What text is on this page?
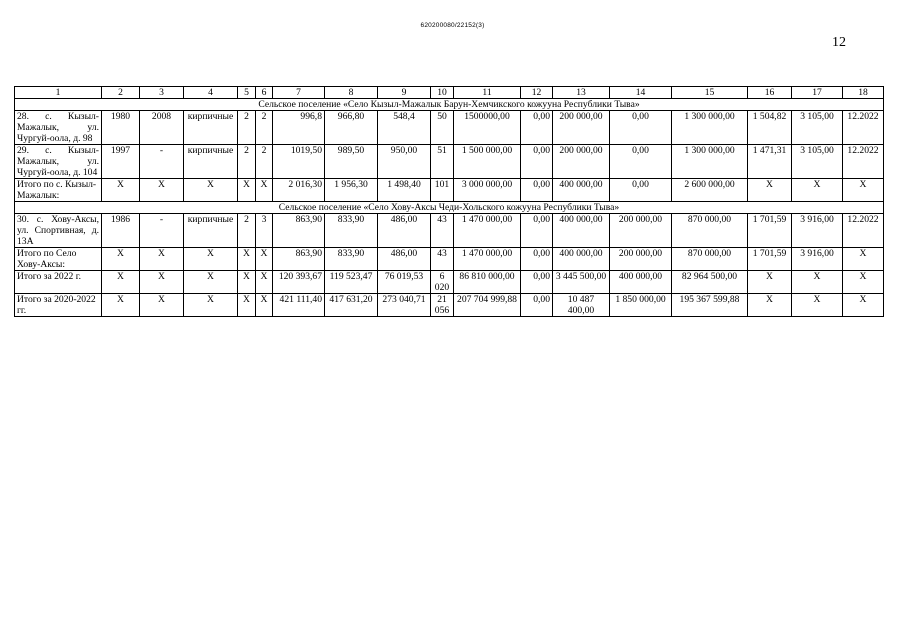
620200080/22152(3)
12
1	2	3	4	5	6	7	8	9	10	11	12	13	14	15	16	17	18
Сельское поселение «Село Кызыл-Мажалык Барун-Хемчикского кожууна Республики Тыва»																	
28. с. Кызыл-Мажалык, ул. Чургуй-оола, д. 98	1980	2008	кирпичные	2	2	996,8	966,80	548,4	50	1500000,00	0,00	200 000,00	0,00	1 300 000,00	1 504,82	3 105,00	12.2022
29. с. Кызыл-Мажалык, ул. Чургуй-оола, д. 104	1997	-	кирпичные	2	2	1019,50	989,50	950,00	51	1 500 000,00	0,00	200 000,00	0,00	1 300 000,00	1 471,31	3 105,00	12.2022
Итого по с. Кызыл-Мажалык:	X	X	X	X	X	2 016,30	1 956,30	1 498,40	101	3 000 000,00	0,00	400 000,00	0,00	2 600 000,00	X	X	X
Сельское поселение «Село Хову-Аксы Чеди-Хольского кожууна Республики Тыва»																	
30. с. Хову-Аксы, ул. Спортивная, д. 13А	1986	-	кирпичные	2	3	863,90	833,90	486,00	43	1 470 000,00	0,00	400 000,00	200 000,00	870 000,00	1 701,59	3 916,00	12.2022
Итого по Село Хову-Аксы:	X	X	X	X	X	863,90	833,90	486,00	43	1 470 000,00	0,00	400 000,00	200 000,00	870 000,00	1 701,59	3 916,00	X
Итого за 2022 г.	X	X	X	X	X	120 393,67	119 523,47	76 019,53	6 020	86 810 000,00	0,00	3 445 500,00	400 000,00	82 964 500,00	X	X	X
Итого за 2020-2022 гг.	X	X	X	X	X	421 111,40	417 631,20	273 040,71	21 056	207 704 999,88	0,00	10 487 400,00	1 850 000,00	195 367 599,88	X	X	X
